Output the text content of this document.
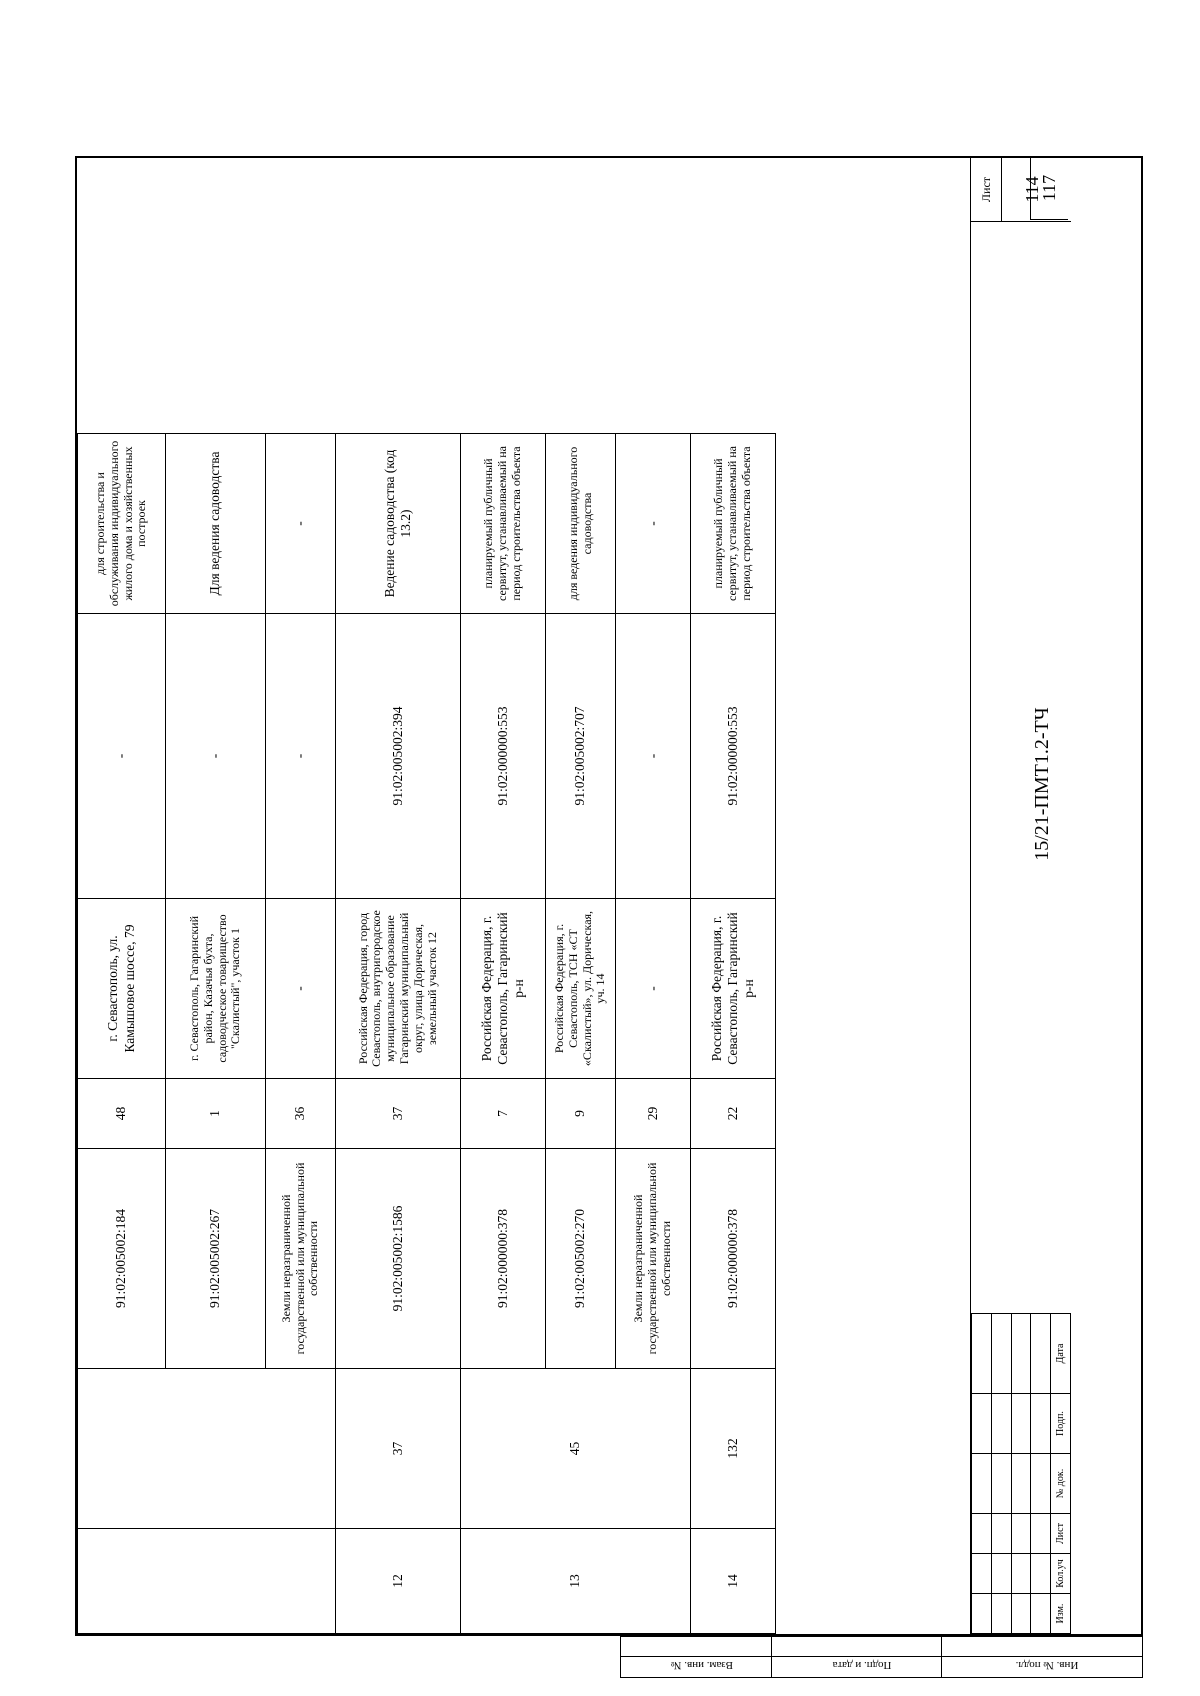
Взам. инв. №	Подп. и дата	Инв. № подл.
		91:02:005002:184	48	г. Севастополь, ул. Камышовое шоссе, 79	-	для строительства и обслуживания индивидуального жилого дома и хозяйственных построек
		91:02:005002:267	1	г. Севастополь, Гагаринский район, Казачья бухта, садоводческое товарищество "Скалистый", участок 1	-	Для ведения садоводства
		Земли неразграниченной государственной или муниципальной собственности	36	-	-	-
12	37	91:02:005002:1586	37	Российская Федерация, город Севастополь, внутригородское муниципальное образование Гагаринский муниципальный округ, улица Дорическая, земельный участок 12	91:02:005002:394	Ведение садоводства (код 13.2)
13	45	91:02:000000:378	7	Российская Федерация, г. Севастополь, Гагаринский р-н	91:02:000000:553	планируемый публичный сервитут, устанавливаемый на период строительства объекта
		91:02:005002:270	9	Российская Федерация, г. Севастополь, ТСН «СТ «Скалистый», ул. Дорическая, уч. 14	91:02:005002:707	для ведения индивидуального садоводства
		Земли неразграниченной государственной или муниципальной собственности	29	-	-	-
14	132	91:02:000000:378	22	Российская Федерация, г. Севастополь, Гагаринский р-н	91:02:000000:553	планируемый публичный сервитут, устанавливаемый на период строительства объекта

Изм.	Кол.уч	Лист	№ док.	Подп.	Дата
15/21-ПМТ1.2-ТЧ
Лист	114
117
